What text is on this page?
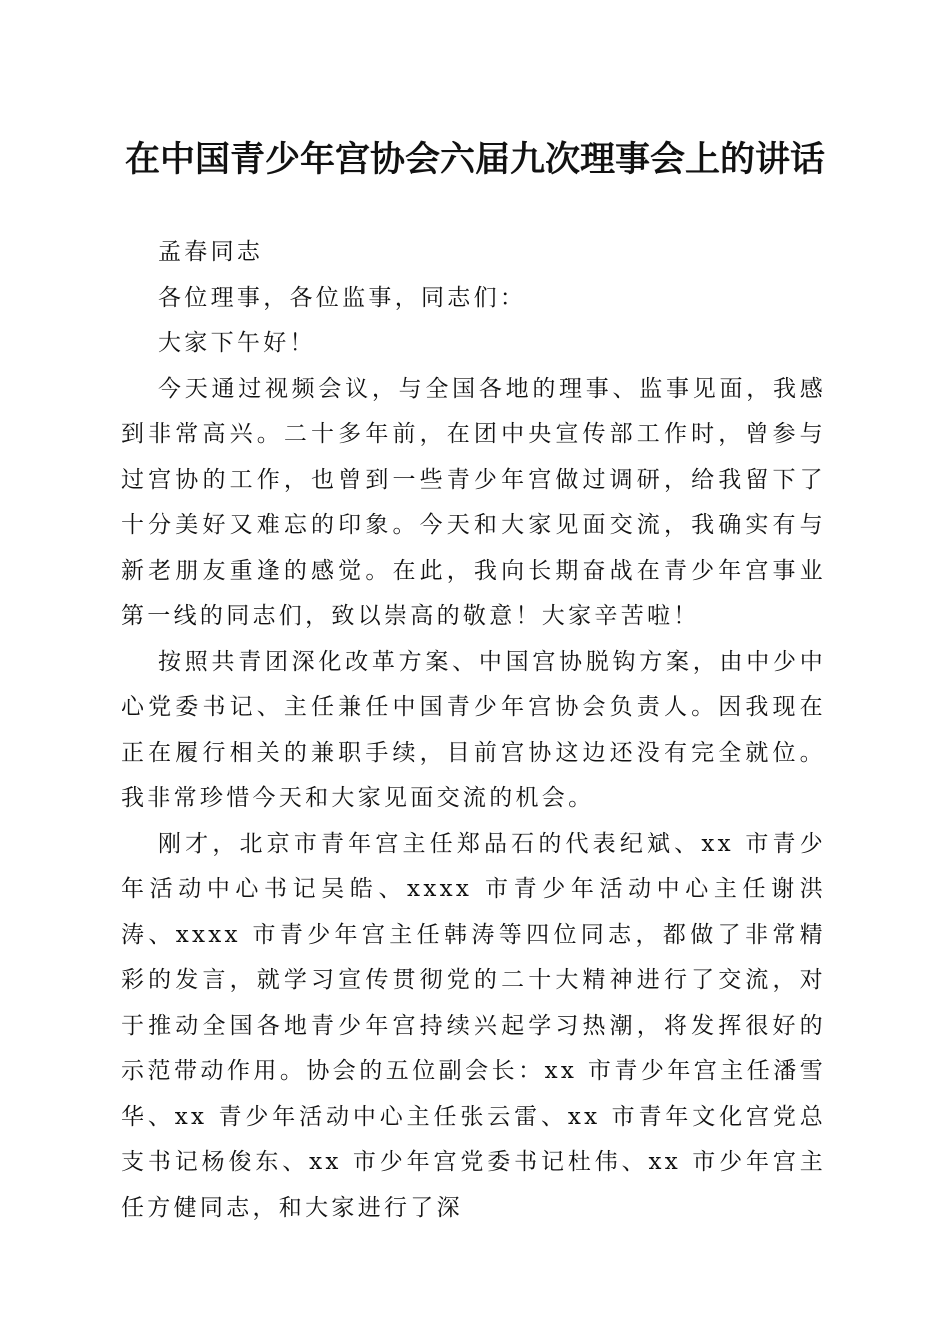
在中国青少年宫协会六届九次理事会上的讲话

孟春同志

各位理事，各位监事，同志们：

大家下午好！

今天通过视频会议，与全国各地的理事、监事见面，我感到非常高兴。二十多年前，在团中央宣传部工作时，曾参与过宫协的工作，也曾到一些青少年宫做过调研，给我留下了十分美好又难忘的印象。今天和大家见面交流，我确实有与新老朋友重逢的感觉。在此，我向长期奋战在青少年宫事业第一线的同志们，致以崇高的敬意！大家辛苦啦！

按照共青团深化改革方案、中国宫协脱钩方案，由中少中心党委书记、主任兼任中国青少年宫协会负责人。因我现在正在履行相关的兼职手续，目前宫协这边还没有完全就位。我非常珍惜今天和大家见面交流的机会。

刚才，北京市青年宫主任郑品石的代表纪斌、xx 市青少年活动中心书记吴皓、xxxx 市青少年活动中心主任谢洪涛、xxxx 市青少年宫主任韩涛等四位同志，都做了非常精彩的发言，就学习宣传贯彻党的二十大精神进行了交流，对于推动全国各地青少年宫持续兴起学习热潮，将发挥很好的示范带动作用。协会的五位副会长：xx 市青少年宫主任潘雪华、xx 青少年活动中心主任张云雷、xx 市青年文化宫党总支书记杨俊东、xx 市少年宫党委书记杜伟、xx 市少年宫主任方健同志，和大家进行了深
